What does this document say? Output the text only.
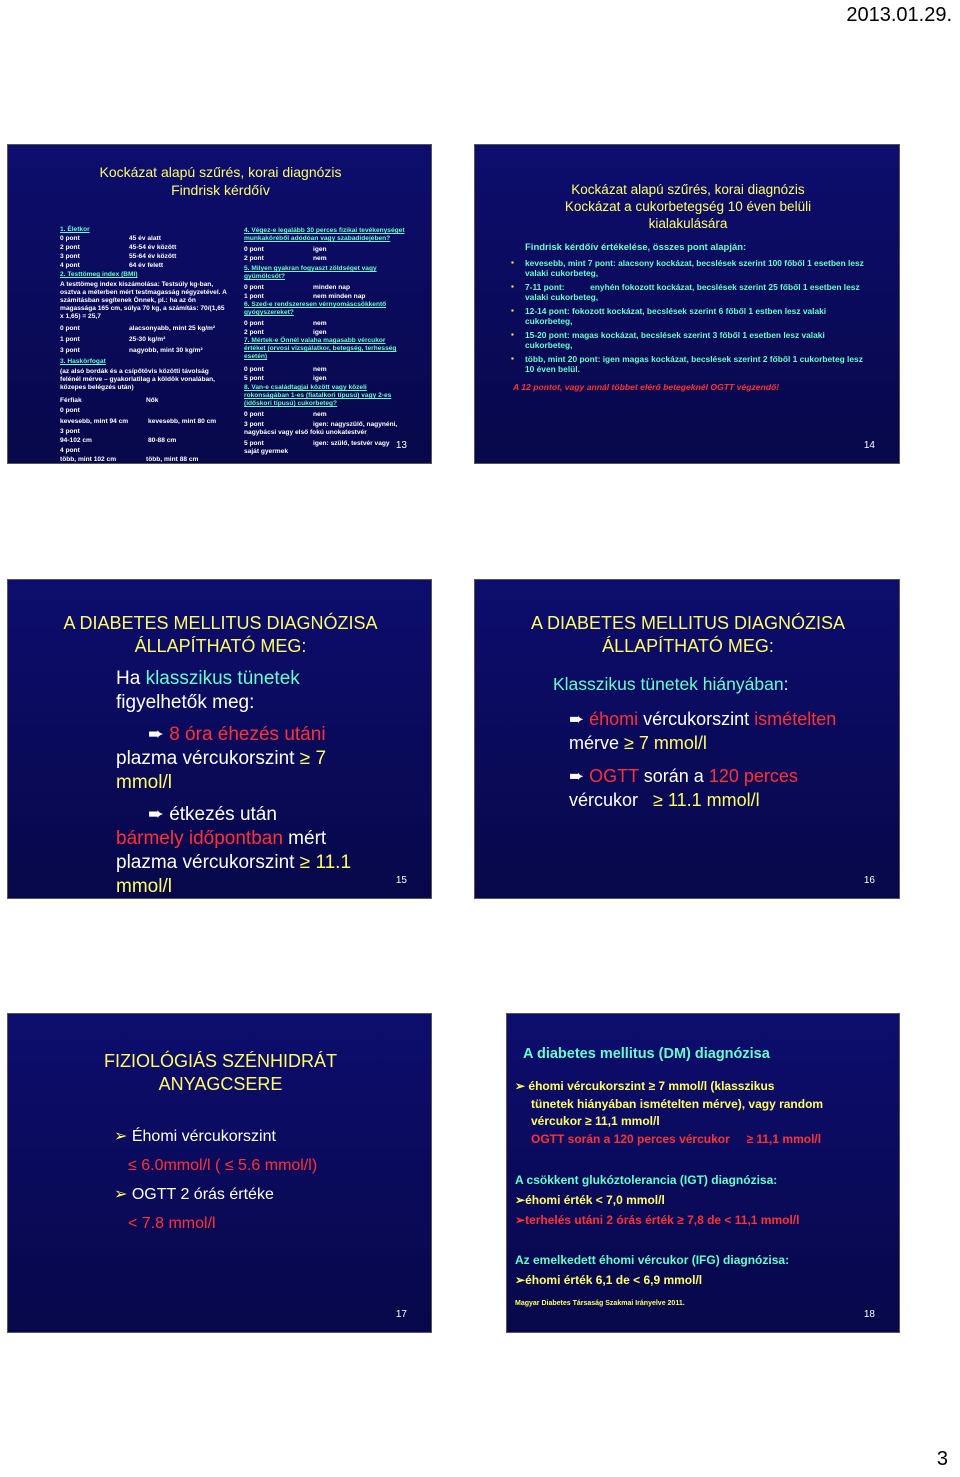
2013.01.29.
Kockázat alapú szűrés, korai diagnózis
Findrisk kérdőív
1. Életkor
0 pont	45 év alatt
2 pont	45-54 év között
3 pont	55-64 év között
4 pont	64 év felett
2. Testtömeg index (BMI)
A testtömeg index kiszámolása: Testsúly kg-ban, osztva a méterben mért testmagasság négyzetével. A számításban segítenek Önnek, pl.: ha az ön magassága 165 cm, súlya 70 kg, a számítás: 70/(1,65 x 1,65) = 25,7
0 pont	alacsonyabb, mint 25 kg/m²
1 pont	25-30 kg/m²
3 pont	nagyobb, mint 30 kg/m²
3. Haskörfogat
(az alsó bordák és a csípőtövis közötti távolság felénél mérve – gyakorlatilag a köldök vonalában, közepes belégzés után)
Férfiak	Nők
0 pont
kevesebb, mint 94 cm	kevesebb, mint 80 cm
3 pont
94-102 cm	80-88 cm
4 pont
több, mint 102 cm	több, mint 88 cm
4. Végez-e legalább 30 perces fizikai tevékenységet munkaköréből adódóan vagy szabadidejében?
0 pont	igen
2 pont	nem
5. Milyen gyakran fogyaszt zöldséget vagy gyümölcsöt?
0 pont	minden nap
1 pont	nem minden nap
6. Szed-e rendszeresen vérnyomáscsökkentő gyógyszereket?
0 pont	nem
2 pont	igen
7. Mértek-e Önnél valaha magasabb vércukor értéket (orvosi vizsgálatkor, betegség, terhesség esetén)
0 pont	nem
5 pont	igen
8. Van-e családtagjai között vagy közeli rokonságában 1-es (fiatalkori típusú) vagy 2-es (időskori típusú) cukorbeteg?
0 pont	nem
3 pont	igen: nagyszülő, nagynéni, nagybácsi vagy első fokú unokatestvér
5 pont	igen: szülő, testvér vagy saját gyermek
13
Kockázat alapú szűrés, korai diagnózis
Kockázat a cukorbetegség 10 éven belüli
kialakulására
Findrisk kérdőív értékelése, összes pont alapján:
▪ kevesebb, mint 7 pont: alacsony kockázat, becslések szerint 100 főből 1 esetben lesz valaki cukorbeteg,
▪ 7-11 pont:           enyhén fokozott kockázat, becslések szerint 25 főből 1 esetben lesz valaki cukorbeteg,
▪ 12-14 pont: fokozott kockázat, becslések szerint 6 főből 1 estben lesz valaki cukorbeteg,
▪ 15-20 pont: magas kockázat, becslések szerint 3 főből 1 esetben lesz valaki cukorbeteg,
▪ több, mint 20 pont: igen magas kockázat, becslések szerint 2 főből 1 cukorbeteg lesz 10 éven belül.
A 12 pontot, vagy annál többet elérő betegeknél OGTT végzendő!
14
A DIABETES MELLITUS DIAGNÓZISA
ÁLLAPÍTHATÓ MEG:
Ha klasszikus tünetek
figyelhetők meg:
➨ 8 óra éhezés utáni
plazma vércukorszint ≥ 7
mmol/l
➨ étkezés után
bármely időpontban mért
plazma vércukorszint ≥ 11.1
mmol/l	15
A DIABETES MELLITUS DIAGNÓZISA
ÁLLAPÍTHATÓ MEG:
Klasszikus tünetek hiányában:
➨ éhomi vércukorszint ismételten
mérve ≥ 7 mmol/l
➨ OGTT során a 120 perces
vércukor   ≥ 11.1 mmol/l
16
FIZIOLÓGIÁS SZÉNHIDRÁT
ANYAGCSERE
➢ Éhomi vércukorszint
≤ 6.0mmol/l ( ≤ 5.6 mmol/l)
➢ OGTT 2 órás értéke
< 7.8 mmol/l
17
A diabetes mellitus (DM) diagnózisa
➢ éhomi vércukorszint ≥ 7 mmol/l (klasszikus
tünetek hiányában ismételten mérve), vagy random
vércukor ≥ 11,1 mmol/l
OGTT során a 120 perces vércukor     ≥ 11,1 mmol/l
A csökkent glukóztolerancia (IGT) diagnózisa:
➢éhomi érték < 7,0 mmol/l
➢terhelés utáni 2 órás érték ≥ 7,8 de < 11,1 mmol/l
Az emelkedett éhomi vércukor (IFG) diagnózisa:
➢éhomi érték 6,1 de < 6,9 mmol/l
Magyar Diabetes Társaság Szakmai Irányelve 2011.
18
3
